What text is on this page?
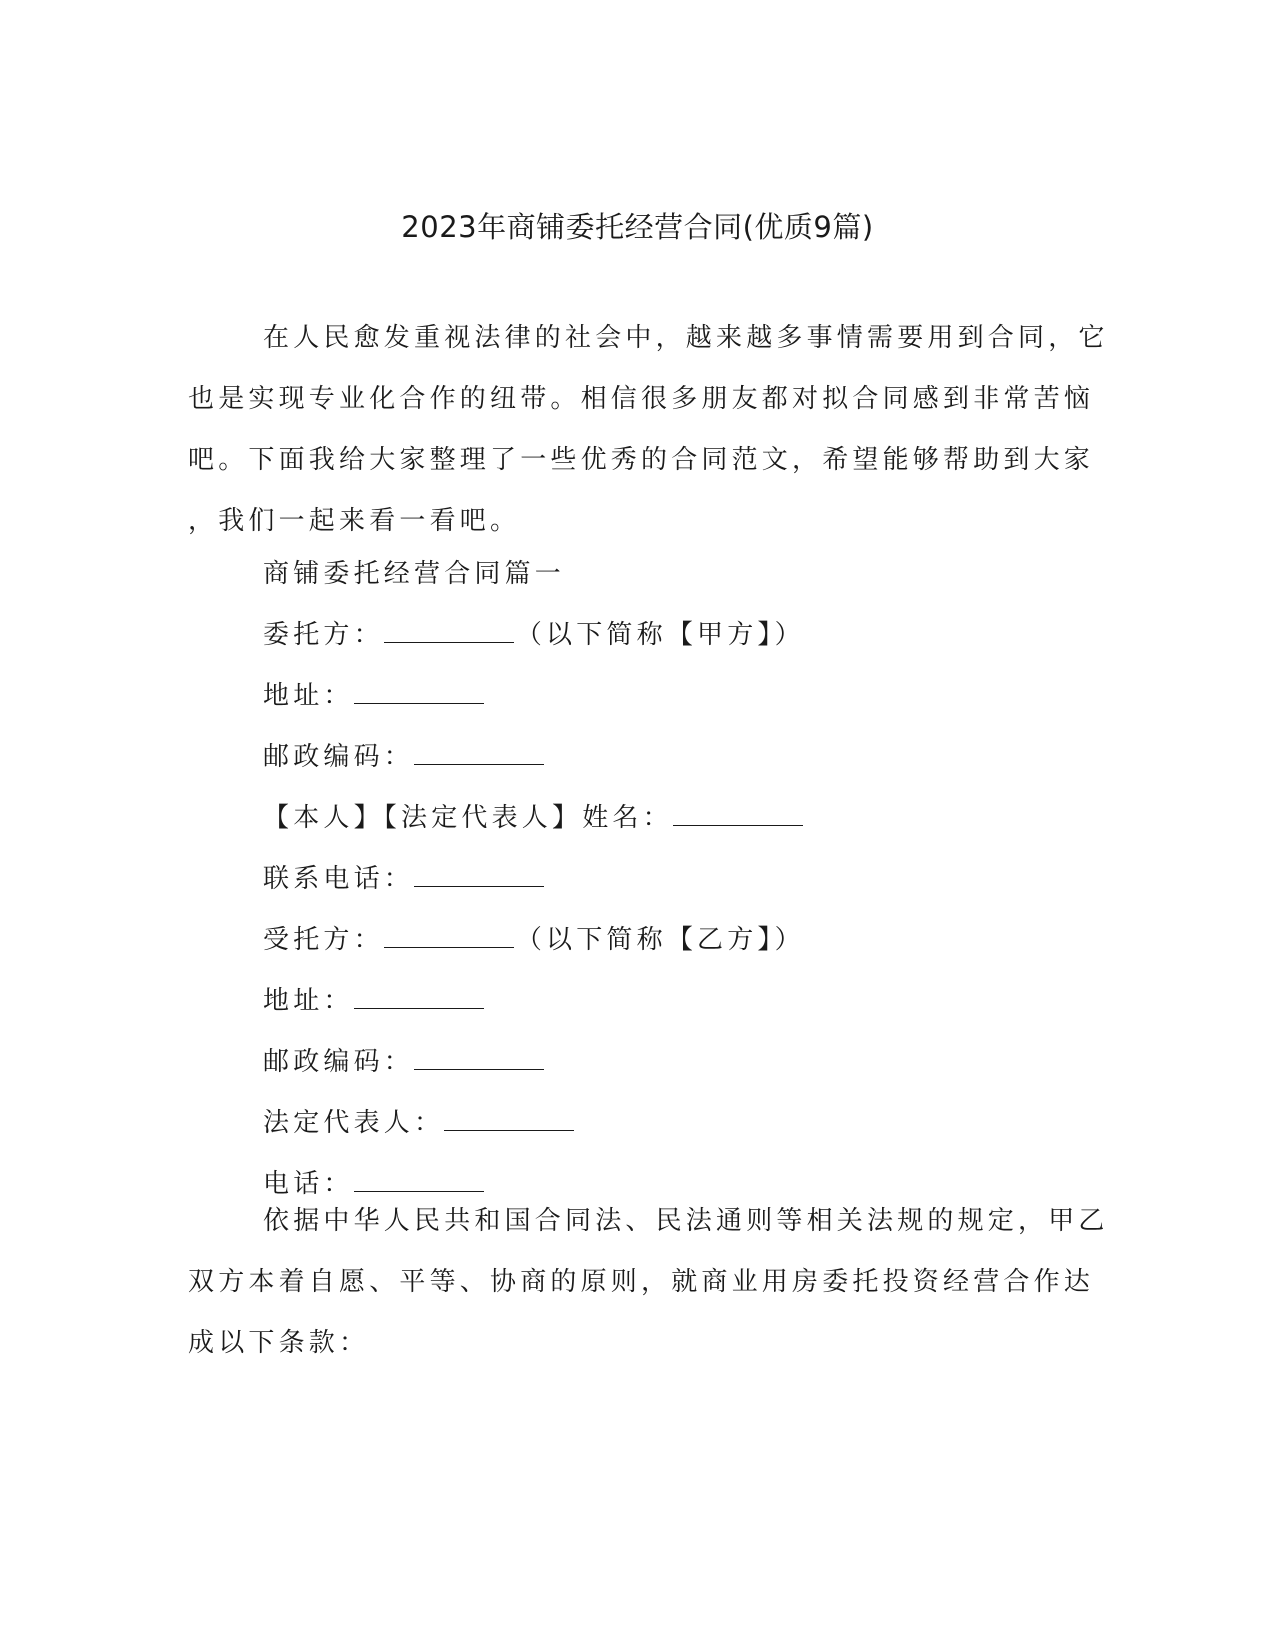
2023年商铺委托经营合同(优质9篇)

在人民愈发重视法律的社会中，越来越多事情需要用到合同，它
也是实现专业化合作的纽带。相信很多朋友都对拟合同感到非常苦恼
吧。下面我给大家整理了一些优秀的合同范文，希望能够帮助到大家
，我们一起来看一看吧。

商铺委托经营合同篇一
委托方：	（以下简称【甲方】）
地址：
邮政编码：
【本人】【法定代表人】姓名：
联系电话：
受托方：	（以下简称【乙方】）
地址：
邮政编码：
法定代表人：
电话：

依据中华人民共和国合同法、民法通则等相关法规的规定，甲乙
双方本着自愿、平等、协商的原则，就商业用房委托投资经营合作达
成以下条款：
